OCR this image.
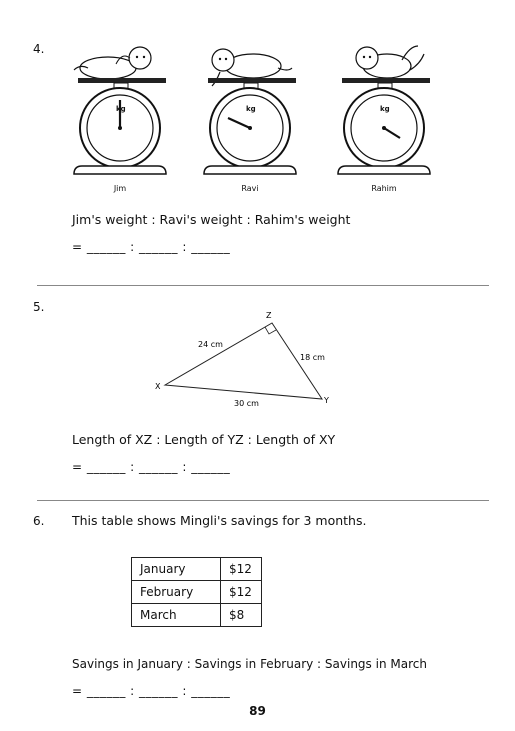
4.
kg
Jim
kg
Ravi
kg
Rahim
Jim's weight : Ravi's weight : Rahim's weight
= ______ : ______ : ______
5.
Z
X
Y
24 cm
18 cm
30 cm
Length of XZ : Length of YZ : Length of XY
= ______ : ______ : ______
6. This table shows Mingli's savings for 3 months.
January	$12
February	$12
March	$8
Savings in January : Savings in February : Savings in March
= ______ : ______ : ______
89
